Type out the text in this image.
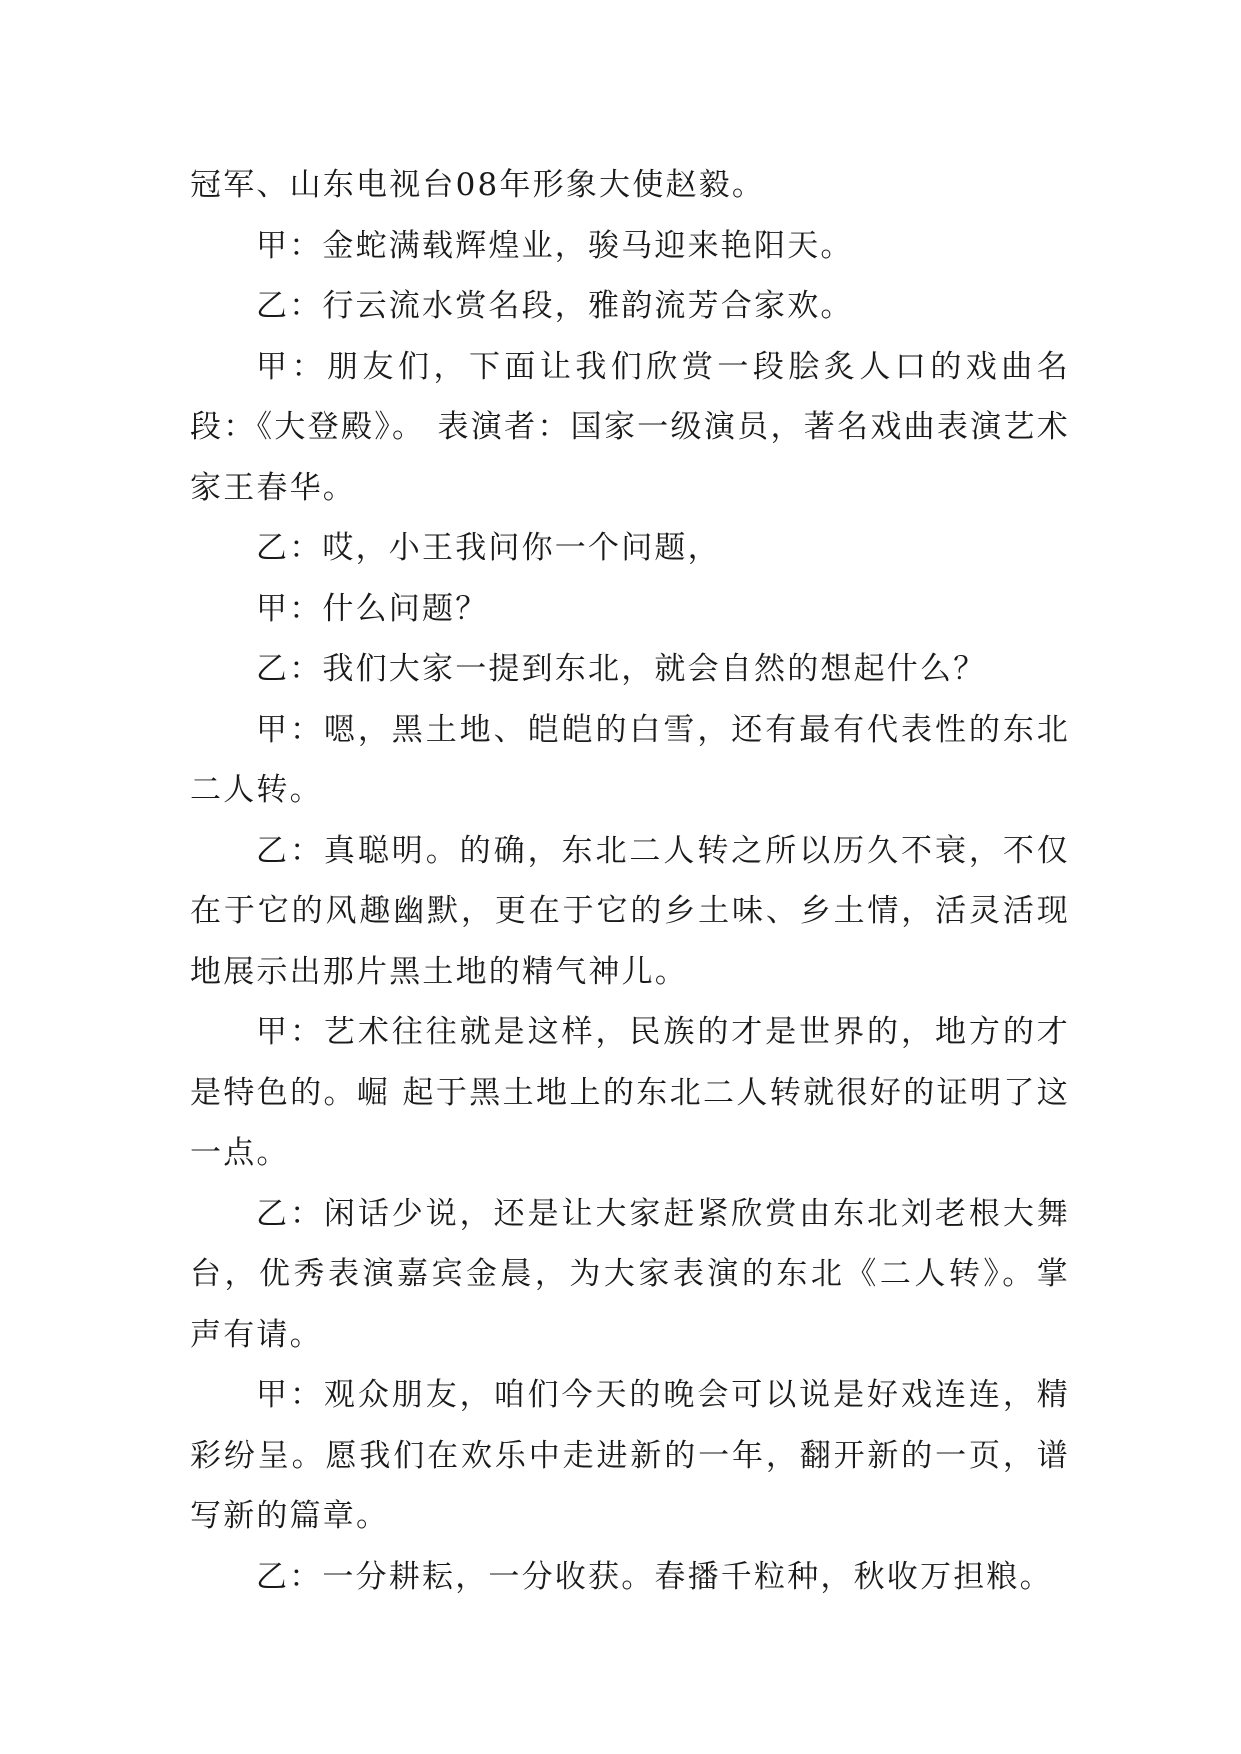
冠军、山东电视台08年形象大使赵毅。

甲：金蛇满载辉煌业，骏马迎来艳阳天。

乙：行云流水赏名段，雅韵流芳合家欢。

甲：朋友们，下面让我们欣赏一段脍炙人口的戏曲名段：《大登殿》。 表演者：国家一级演员，著名戏曲表演艺术家王春华。

乙：哎，小王我问你一个问题，

甲：什么问题？

乙：我们大家一提到东北，就会自然的想起什么？

甲：嗯，黑土地、皑皑的白雪，还有最有代表性的东北二人转。

乙：真聪明。的确，东北二人转之所以历久不衰，不仅在于它的风趣幽默，更在于它的乡土味、乡土情，活灵活现地展示出那片黑土地的精气神儿。

甲：艺术往往就是这样，民族的才是世界的，地方的才是特色的。崛 起于黑土地上的东北二人转就很好的证明了这一点。

乙：闲话少说，还是让大家赶紧欣赏由东北刘老根大舞台，优秀表演嘉宾金晨，为大家表演的东北《二人转》。掌声有请。

甲：观众朋友，咱们今天的晚会可以说是好戏连连，精彩纷呈。愿我们在欢乐中走进新的一年，翻开新的一页，谱写新的篇章。

乙：一分耕耘，一分收获。春播千粒种，秋收万担粮。
